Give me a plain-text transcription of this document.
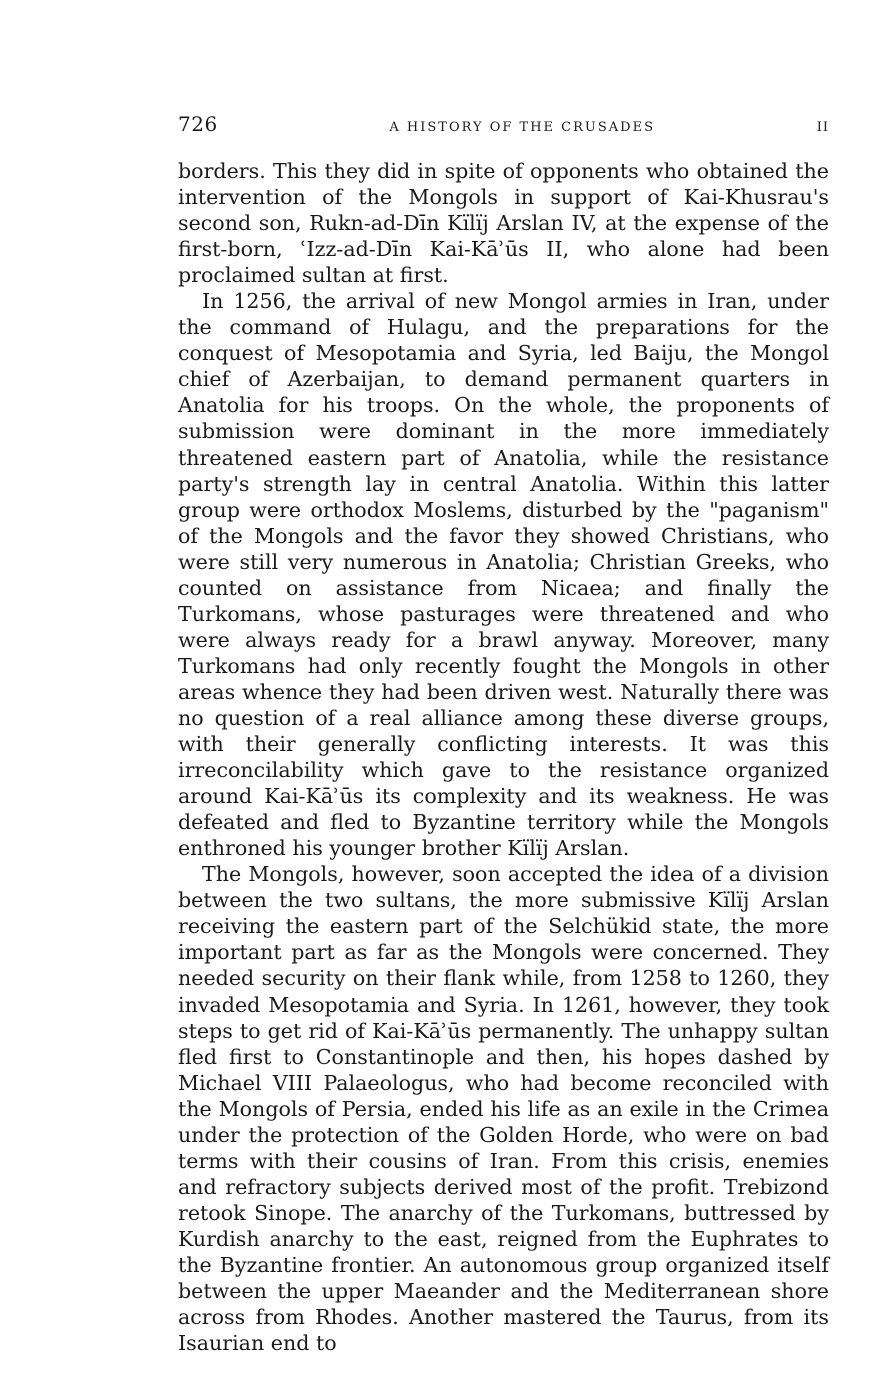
726	A HISTORY OF THE CRUSADES	II

borders. This they did in spite of opponents who obtained the intervention of the Mongols in support of Kai-Khusrau's second son, Rukn-ad-Dīn Kïlïj Arslan IV, at the expense of the first-born, ʿIzz-ad-Dīn Kai-Kāʾūs II, who alone had been proclaimed sultan at first.

In 1256, the arrival of new Mongol armies in Iran, under the command of Hulagu, and the preparations for the conquest of Mesopotamia and Syria, led Baiju, the Mongol chief of Azerbaijan, to demand permanent quarters in Anatolia for his troops. On the whole, the proponents of submission were dominant in the more immediately threatened eastern part of Anatolia, while the resistance party's strength lay in central Anatolia. Within this latter group were orthodox Moslems, disturbed by the "paganism" of the Mongols and the favor they showed Christians, who were still very numerous in Anatolia; Christian Greeks, who counted on assistance from Nicaea; and finally the Turkomans, whose pasturages were threatened and who were always ready for a brawl anyway. Moreover, many Turkomans had only recently fought the Mongols in other areas whence they had been driven west. Naturally there was no question of a real alliance among these diverse groups, with their generally conflicting interests. It was this irreconcilability which gave to the resistance organized around Kai-Kāʾūs its complexity and its weakness. He was defeated and fled to Byzantine territory while the Mongols enthroned his younger brother Kïlïj Arslan.

The Mongols, however, soon accepted the idea of a division between the two sultans, the more submissive Kïlïj Arslan receiving the eastern part of the Selchükid state, the more important part as far as the Mongols were concerned. They needed security on their flank while, from 1258 to 1260, they invaded Mesopotamia and Syria. In 1261, however, they took steps to get rid of Kai-Kāʾūs permanently. The unhappy sultan fled first to Constantinople and then, his hopes dashed by Michael VIII Palaeologus, who had become reconciled with the Mongols of Persia, ended his life as an exile in the Crimea under the protection of the Golden Horde, who were on bad terms with their cousins of Iran. From this crisis, enemies and refractory subjects derived most of the profit. Trebizond retook Sinope. The anarchy of the Turkomans, buttressed by Kurdish anarchy to the east, reigned from the Euphrates to the Byzantine frontier. An autonomous group organized itself between the upper Maeander and the Mediterranean shore across from Rhodes. Another mastered the Taurus, from its Isaurian end to
